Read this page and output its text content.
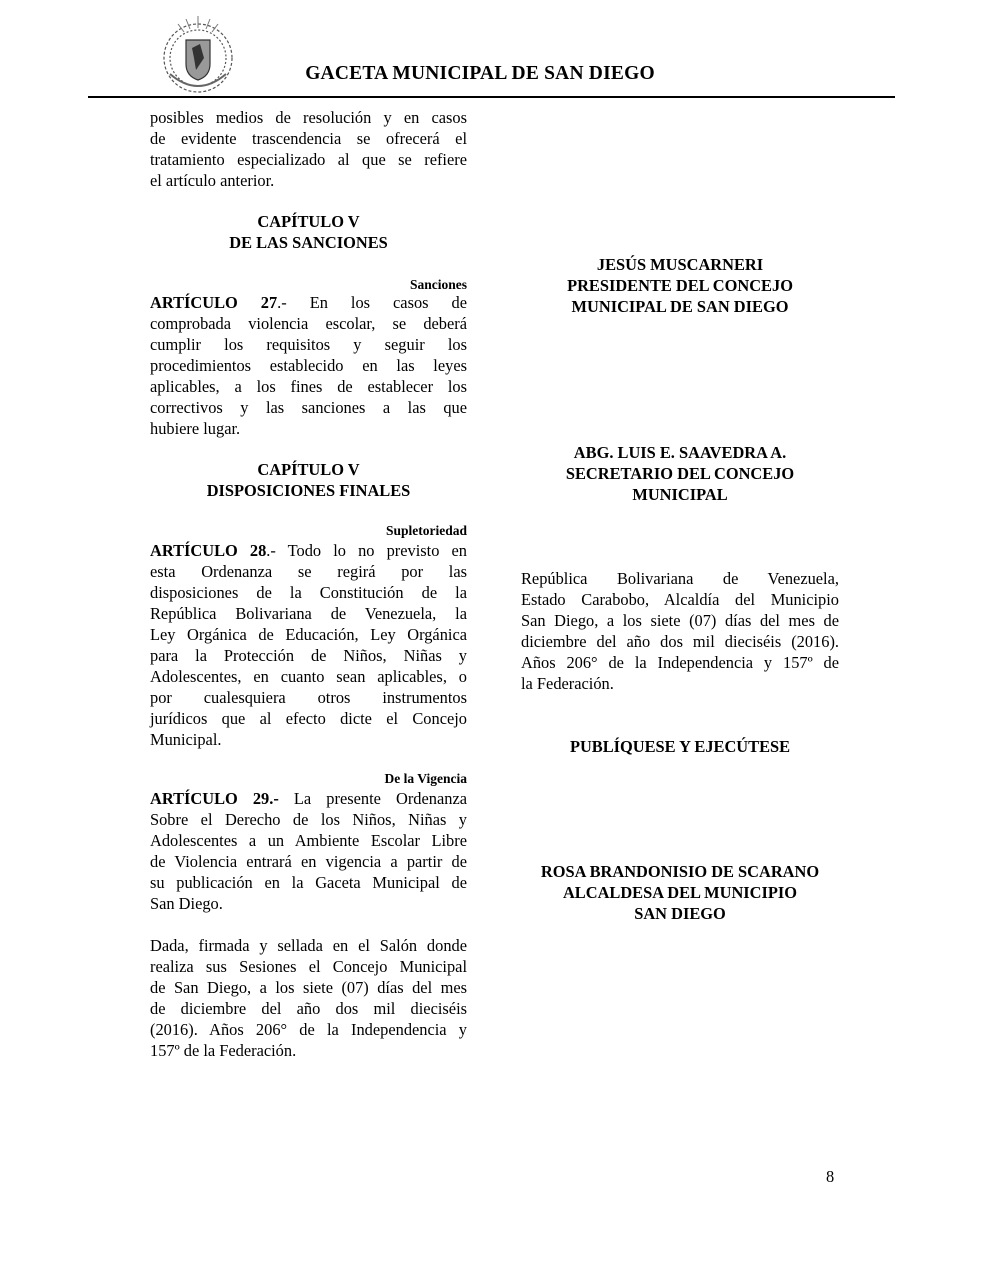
GACETA MUNICIPAL DE SAN DIEGO
posibles medios de resolución y en casos
de evidente trascendencia se ofrecerá el
tratamiento especializado al que se refiere
el artículo anterior.
CAPÍTULO V
DE LAS SANCIONES
Sanciones
ARTÍCULO 27.- En los casos de
comprobada violencia escolar, se deberá
cumplir los requisitos y seguir los
procedimientos establecido en las leyes
aplicables, a los fines de establecer los
correctivos y las sanciones a las que
hubiere lugar.
CAPÍTULO V
DISPOSICIONES FINALES
Supletoriedad
ARTÍCULO 28.- Todo lo no previsto en
esta Ordenanza se regirá por las
disposiciones de la Constitución de la
República Bolivariana de Venezuela, la
Ley Orgánica de Educación, Ley Orgánica
para la Protección de Niños, Niñas y
Adolescentes, en cuanto sean aplicables, o
por cualesquiera otros instrumentos
jurídicos que al efecto dicte el Concejo
Municipal.
De la Vigencia
ARTÍCULO 29.- La presente Ordenanza
Sobre el Derecho de los Niños, Niñas y
Adolescentes a un Ambiente Escolar Libre
de Violencia entrará en vigencia a partir de
su publicación en la Gaceta Municipal de
San Diego.
Dada, firmada y sellada en el Salón donde
realiza sus Sesiones el Concejo Municipal
de San Diego, a los siete (07) días del mes
de diciembre del año dos mil dieciséis
(2016). Años 206° de la Independencia y
157º de la Federación.
JESÚS MUSCARNERI
PRESIDENTE DEL CONCEJO
MUNICIPAL DE SAN DIEGO
ABG. LUIS E. SAAVEDRA A.
SECRETARIO DEL CONCEJO
MUNICIPAL
República Bolivariana de Venezuela,
Estado Carabobo, Alcaldía del Municipio
San Diego, a los siete (07) días del mes de
diciembre del año dos mil dieciséis (2016).
Años 206° de la Independencia y 157º de
la Federación.
PUBLÍQUESE Y EJECÚTESE
ROSA BRANDONISIO DE SCARANO
ALCALDESA DEL MUNICIPIO
SAN DIEGO
8
